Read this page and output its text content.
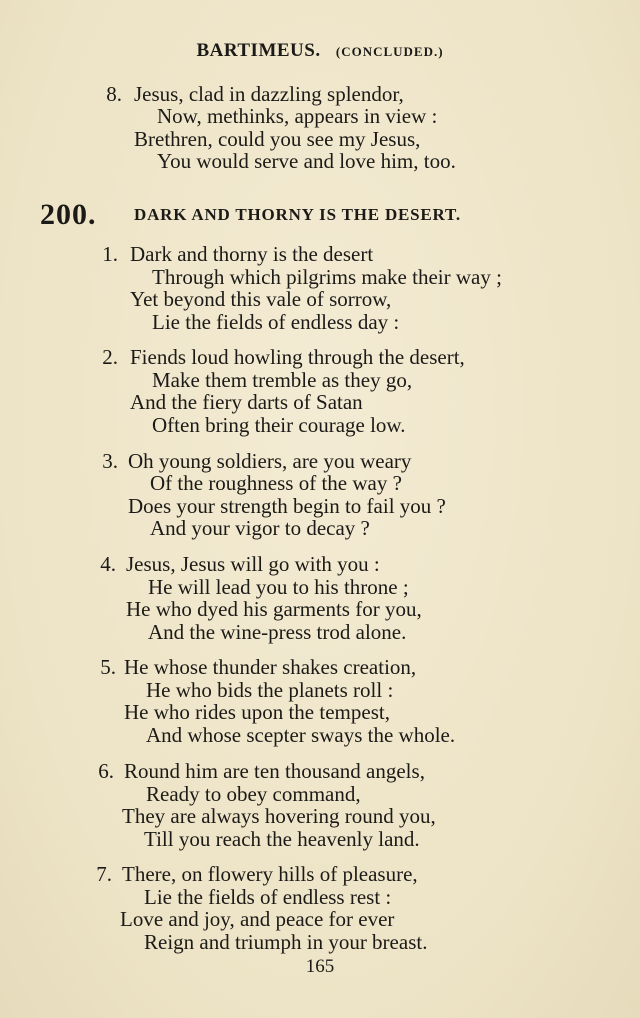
BARTIMEUS. (CONCLUDED.)
8. Jesus, clad in dazzling splendor,
Now, methinks, appears in view :
Brethren, could you see my Jesus,
You would serve and love him, too.
200. DARK AND THORNY IS THE DESERT.
1. Dark and thorny is the desert
Through which pilgrims make their way ;
Yet beyond this vale of sorrow,
Lie the fields of endless day :
2. Fiends loud howling through the desert,
Make them tremble as they go,
And the fiery darts of Satan
Often bring their courage low.
3. Oh young soldiers, are you weary
Of the roughness of the way ?
Does your strength begin to fail you ?
And your vigor to decay ?
4. Jesus, Jesus will go with you :
He will lead you to his throne ;
He who dyed his garments for you,
And the wine-press trod alone.
5. He whose thunder shakes creation,
He who bids the planets roll :
He who rides upon the tempest,
And whose scepter sways the whole.
6. Round him are ten thousand angels,
Ready to obey command,
They are always hovering round you,
Till you reach the heavenly land.
7. There, on flowery hills of pleasure,
Lie the fields of endless rest :
Love and joy, and peace for ever
Reign and triumph in your breast.
165
